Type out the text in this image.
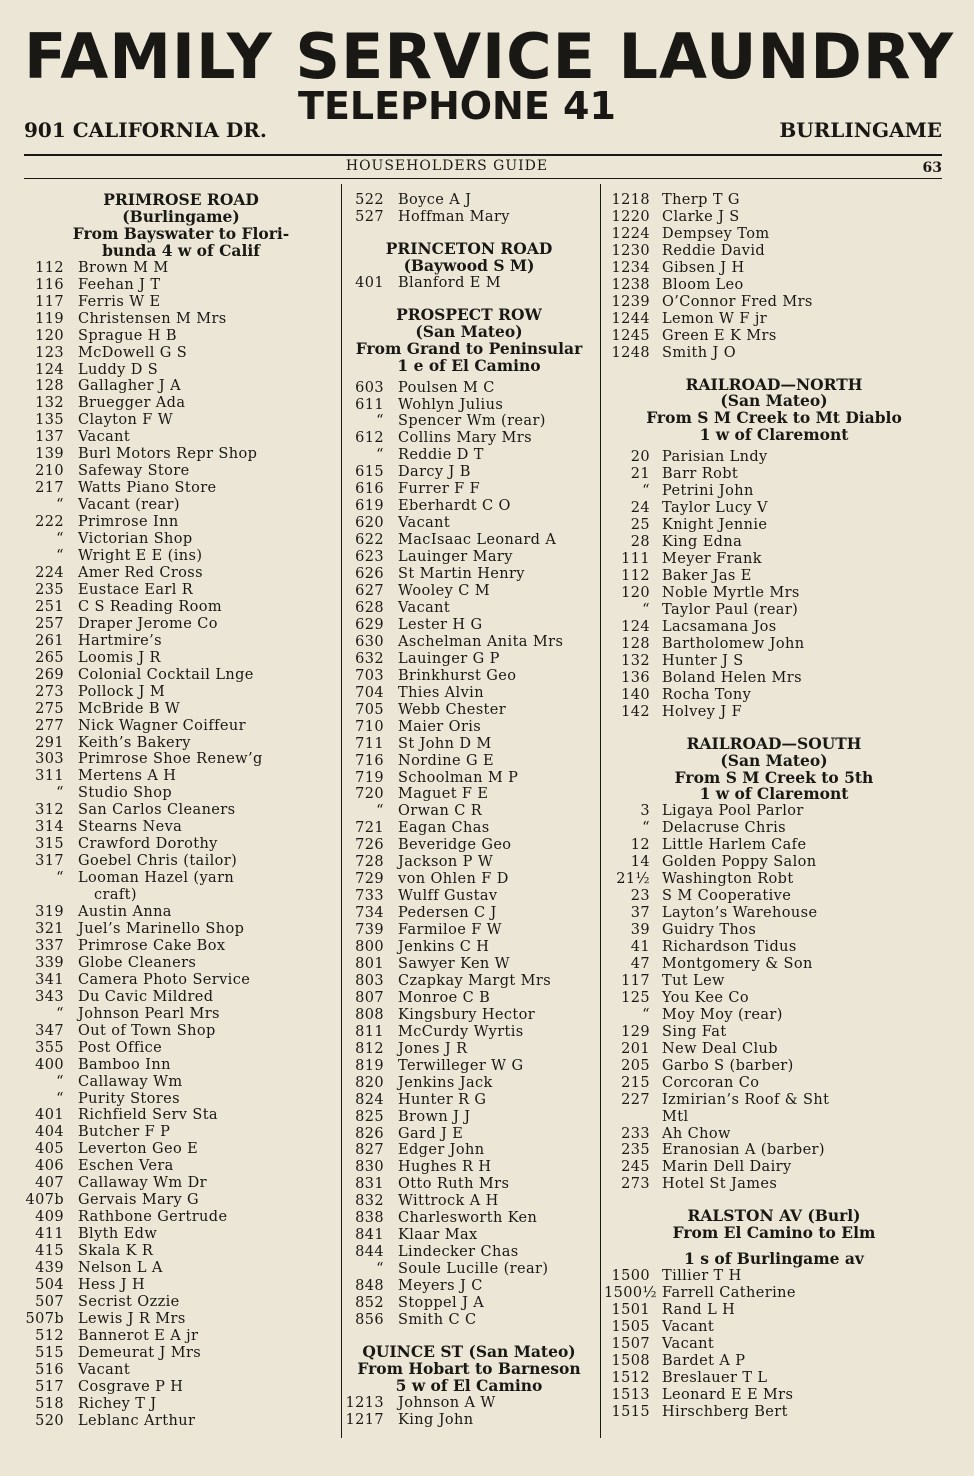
FAMILY SERVICE LAUNDRY
TELEPHONE 41
901 CALIFORNIA DR.	BURLINGAME
HOUSEHOLDERS GUIDE	63
PRIMROSE ROAD
(Burlingame)
From Bayswater to Flori-
bunda 4 w of Calif
112 Brown M M
116 Feehan J T
117 Ferris W E
119 Christensen M Mrs
120 Sprague H B
123 McDowell G S
124 Luddy D S
128 Gallagher J A
132 Bruegger Ada
135 Clayton F W
137 Vacant
139 Burl Motors Repr Shop
210 Safeway Store
217 Watts Piano Store
“ Vacant (rear)
222 Primrose Inn
“ Victorian Shop
“ Wright E E (ins)
224 Amer Red Cross
235 Eustace Earl R
251 C S Reading Room
257 Draper Jerome Co
261 Hartmire’s
265 Loomis J R
269 Colonial Cocktail Lnge
273 Pollock J M
275 McBride B W
277 Nick Wagner Coiffeur
291 Keith’s Bakery
303 Primrose Shoe Renew’g
311 Mertens A H
“ Studio Shop
312 San Carlos Cleaners
314 Stearns Neva
315 Crawford Dorothy
317 Goebel Chris (tailor)
“ Looman Hazel (yarn
craft)
319 Austin Anna
321 Juel’s Marinello Shop
337 Primrose Cake Box
339 Globe Cleaners
341 Camera Photo Service
343 Du Cavic Mildred
“ Johnson Pearl Mrs
347 Out of Town Shop
355 Post Office
400 Bamboo Inn
“ Callaway Wm
“ Purity Stores
401 Richfield Serv Sta
404 Butcher F P
405 Leverton Geo E
406 Eschen Vera
407 Callaway Wm Dr
407b Gervais Mary G
409 Rathbone Gertrude
411 Blyth Edw
415 Skala K R
439 Nelson L A
504 Hess J H
507 Secrist Ozzie
507b Lewis J R Mrs
512 Bannerot E A jr
515 Demeurat J Mrs
516 Vacant
517 Cosgrave P H
518 Richey T J
520 Leblanc Arthur
522 Boyce A J
527 Hoffman Mary
PRINCETON ROAD
(Baywood S M)
401 Blanford E M
PROSPECT ROW
(San Mateo)
From Grand to Peninsular
1 e of El Camino
603 Poulsen M C
611 Wohlyn Julius
“ Spencer Wm (rear)
612 Collins Mary Mrs
“ Reddie D T
615 Darcy J B
616 Furrer F F
619 Eberhardt C O
620 Vacant
622 MacIsaac Leonard A
623 Lauinger Mary
626 St Martin Henry
627 Wooley C M
628 Vacant
629 Lester H G
630 Aschelman Anita Mrs
632 Lauinger G P
703 Brinkhurst Geo
704 Thies Alvin
705 Webb Chester
710 Maier Oris
711 St John D M
716 Nordine G E
719 Schoolman M P
720 Maguet F E
“ Orwan C R
721 Eagan Chas
726 Beveridge Geo
728 Jackson P W
729 von Ohlen F D
733 Wulff Gustav
734 Pedersen C J
739 Farmiloe F W
800 Jenkins C H
801 Sawyer Ken W
803 Czapkay Margt Mrs
807 Monroe C B
808 Kingsbury Hector
811 McCurdy Wyrtis
812 Jones J R
819 Terwilleger W G
820 Jenkins Jack
824 Hunter R G
825 Brown J J
826 Gard J E
827 Edger John
830 Hughes R H
831 Otto Ruth Mrs
832 Wittrock A H
838 Charlesworth Ken
841 Klaar Max
844 Lindecker Chas
“ Soule Lucille (rear)
848 Meyers J C
852 Stoppel J A
856 Smith C C
QUINCE ST (San Mateo)
From Hobart to Barneson
5 w of El Camino
1213 Johnson A W
1217 King John
1218 Therp T G
1220 Clarke J S
1224 Dempsey Tom
1230 Reddie David
1234 Gibsen J H
1238 Bloom Leo
1239 O’Connor Fred Mrs
1244 Lemon W F jr
1245 Green E K Mrs
1248 Smith J O
RAILROAD—NORTH
(San Mateo)
From S M Creek to Mt Diablo
1 w of Claremont
20 Parisian Lndy
21 Barr Robt
“ Petrini John
24 Taylor Lucy V
25 Knight Jennie
28 King Edna
111 Meyer Frank
112 Baker Jas E
120 Noble Myrtle Mrs
“ Taylor Paul (rear)
124 Lacsamana Jos
128 Bartholomew John
132 Hunter J S
136 Boland Helen Mrs
140 Rocha Tony
142 Holvey J F
RAILROAD—SOUTH
(San Mateo)
From S M Creek to 5th
1 w of Claremont
3 Ligaya Pool Parlor
“ Delacruse Chris
12 Little Harlem Cafe
14 Golden Poppy Salon
21½ Washington Robt
23 S M Cooperative
37 Layton’s Warehouse
39 Guidry Thos
41 Richardson Tidus
47 Montgomery & Son
117 Tut Lew
125 You Kee Co
“ Moy Moy (rear)
129 Sing Fat
201 New Deal Club
205 Garbo S (barber)
215 Corcoran Co
227 Izmirian’s Roof & Sht
Mtl
233 Ah Chow
235 Eranosian A (barber)
245 Marin Dell Dairy
273 Hotel St James
RALSTON AV (Burl)
From El Camino to Elm
1 s of Burlingame av
1500 Tillier T H
1500½ Farrell Catherine
1501 Rand L H
1505 Vacant
1507 Vacant
1508 Bardet A P
1512 Breslauer T L
1513 Leonard E E Mrs
1515 Hirschberg Bert
